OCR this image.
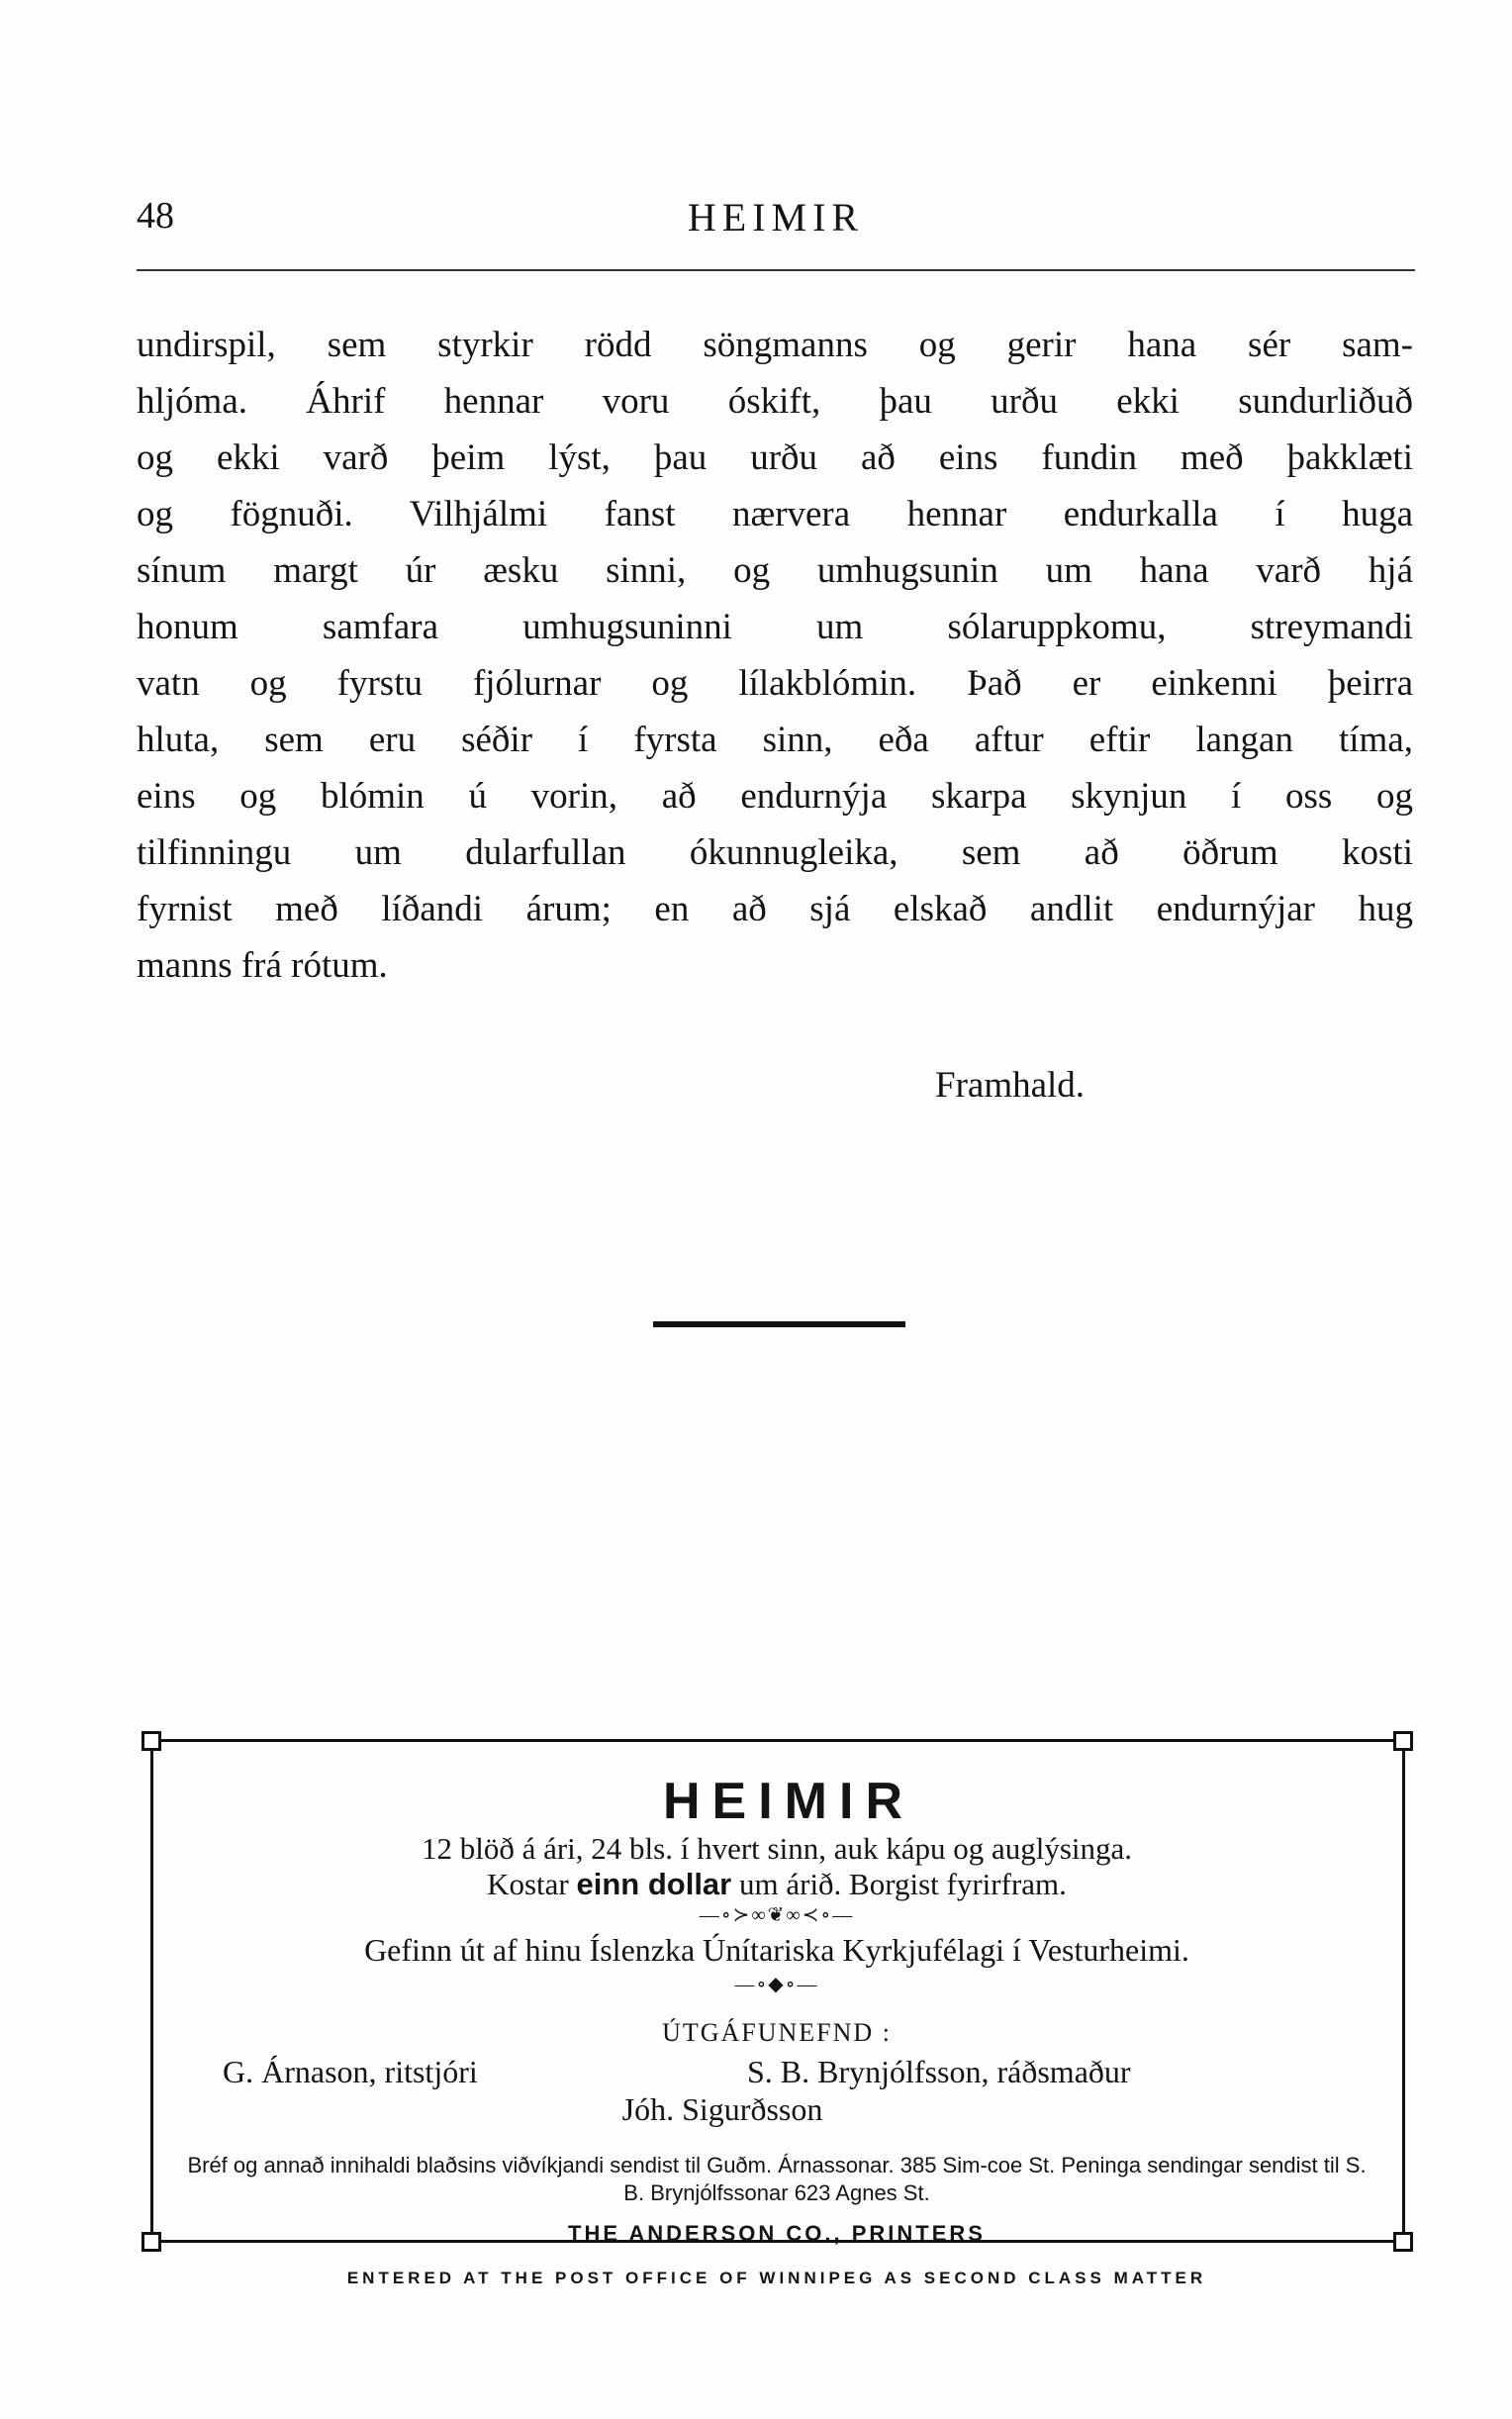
48	HEIMIR
undirspil, sem styrkir rödd söngmanns og gerir hana sér sam-
hljóma. Áhrif hennar voru óskift, þau urðu ekki sundurliðuð
og ekki varð þeim lýst, þau urðu að eins fundin með þakklæti
og fögnuði. Vilhjálmi fanst nærvera hennar endurkalla í huga
sínum margt úr æsku sinni, og umhugsunin um hana varð hjá
honum samfara umhugsuninni um sólaruppkomu, streymandi
vatn og fyrstu fjólurnar og lílakblómin. Það er einkenni þeirra
hluta, sem eru séðir í fyrsta sinn, eða aftur eftir langan tíma,
eins og blómin ú vorin, að endurnýja skarpa skynjun í oss og
tilfinningu um dularfullan ókunnugleika, sem að öðrum kosti
fyrnist með líðandi árum; en að sjá elskað andlit endurnýjar hug
manns frá rótum.
Framhald.
HEIMIR
12 blöð á ári, 24 bls. í hvert sinn, auk kápu og auglýsinga.
Kostar einn dollar um árið. Borgist fyrirfram.
—∘≻∞❦∞≺∘—
Gefinn út af hinu Íslenzka Únítariska Kyrkjufélagi í Vesturheimi.
—∘◆∘—
ÚTGÁFUNEFND :
G. Árnason, ritstjóri	S. B. Brynjólfsson, ráðsmaður
Jóh. Sigurðsson
Bréf og annað innihaldi blaðsins viðvíkjandi sendist til Guðm. Árnassonar. 385 Sim-coe St. Peninga sendingar sendist til S. B. Brynjólfssonar 623 Agnes St.
THE ANDERSON CO., PRINTERS
ENTERED AT THE POST OFFICE OF WINNIPEG AS SECOND CLASS MATTER
